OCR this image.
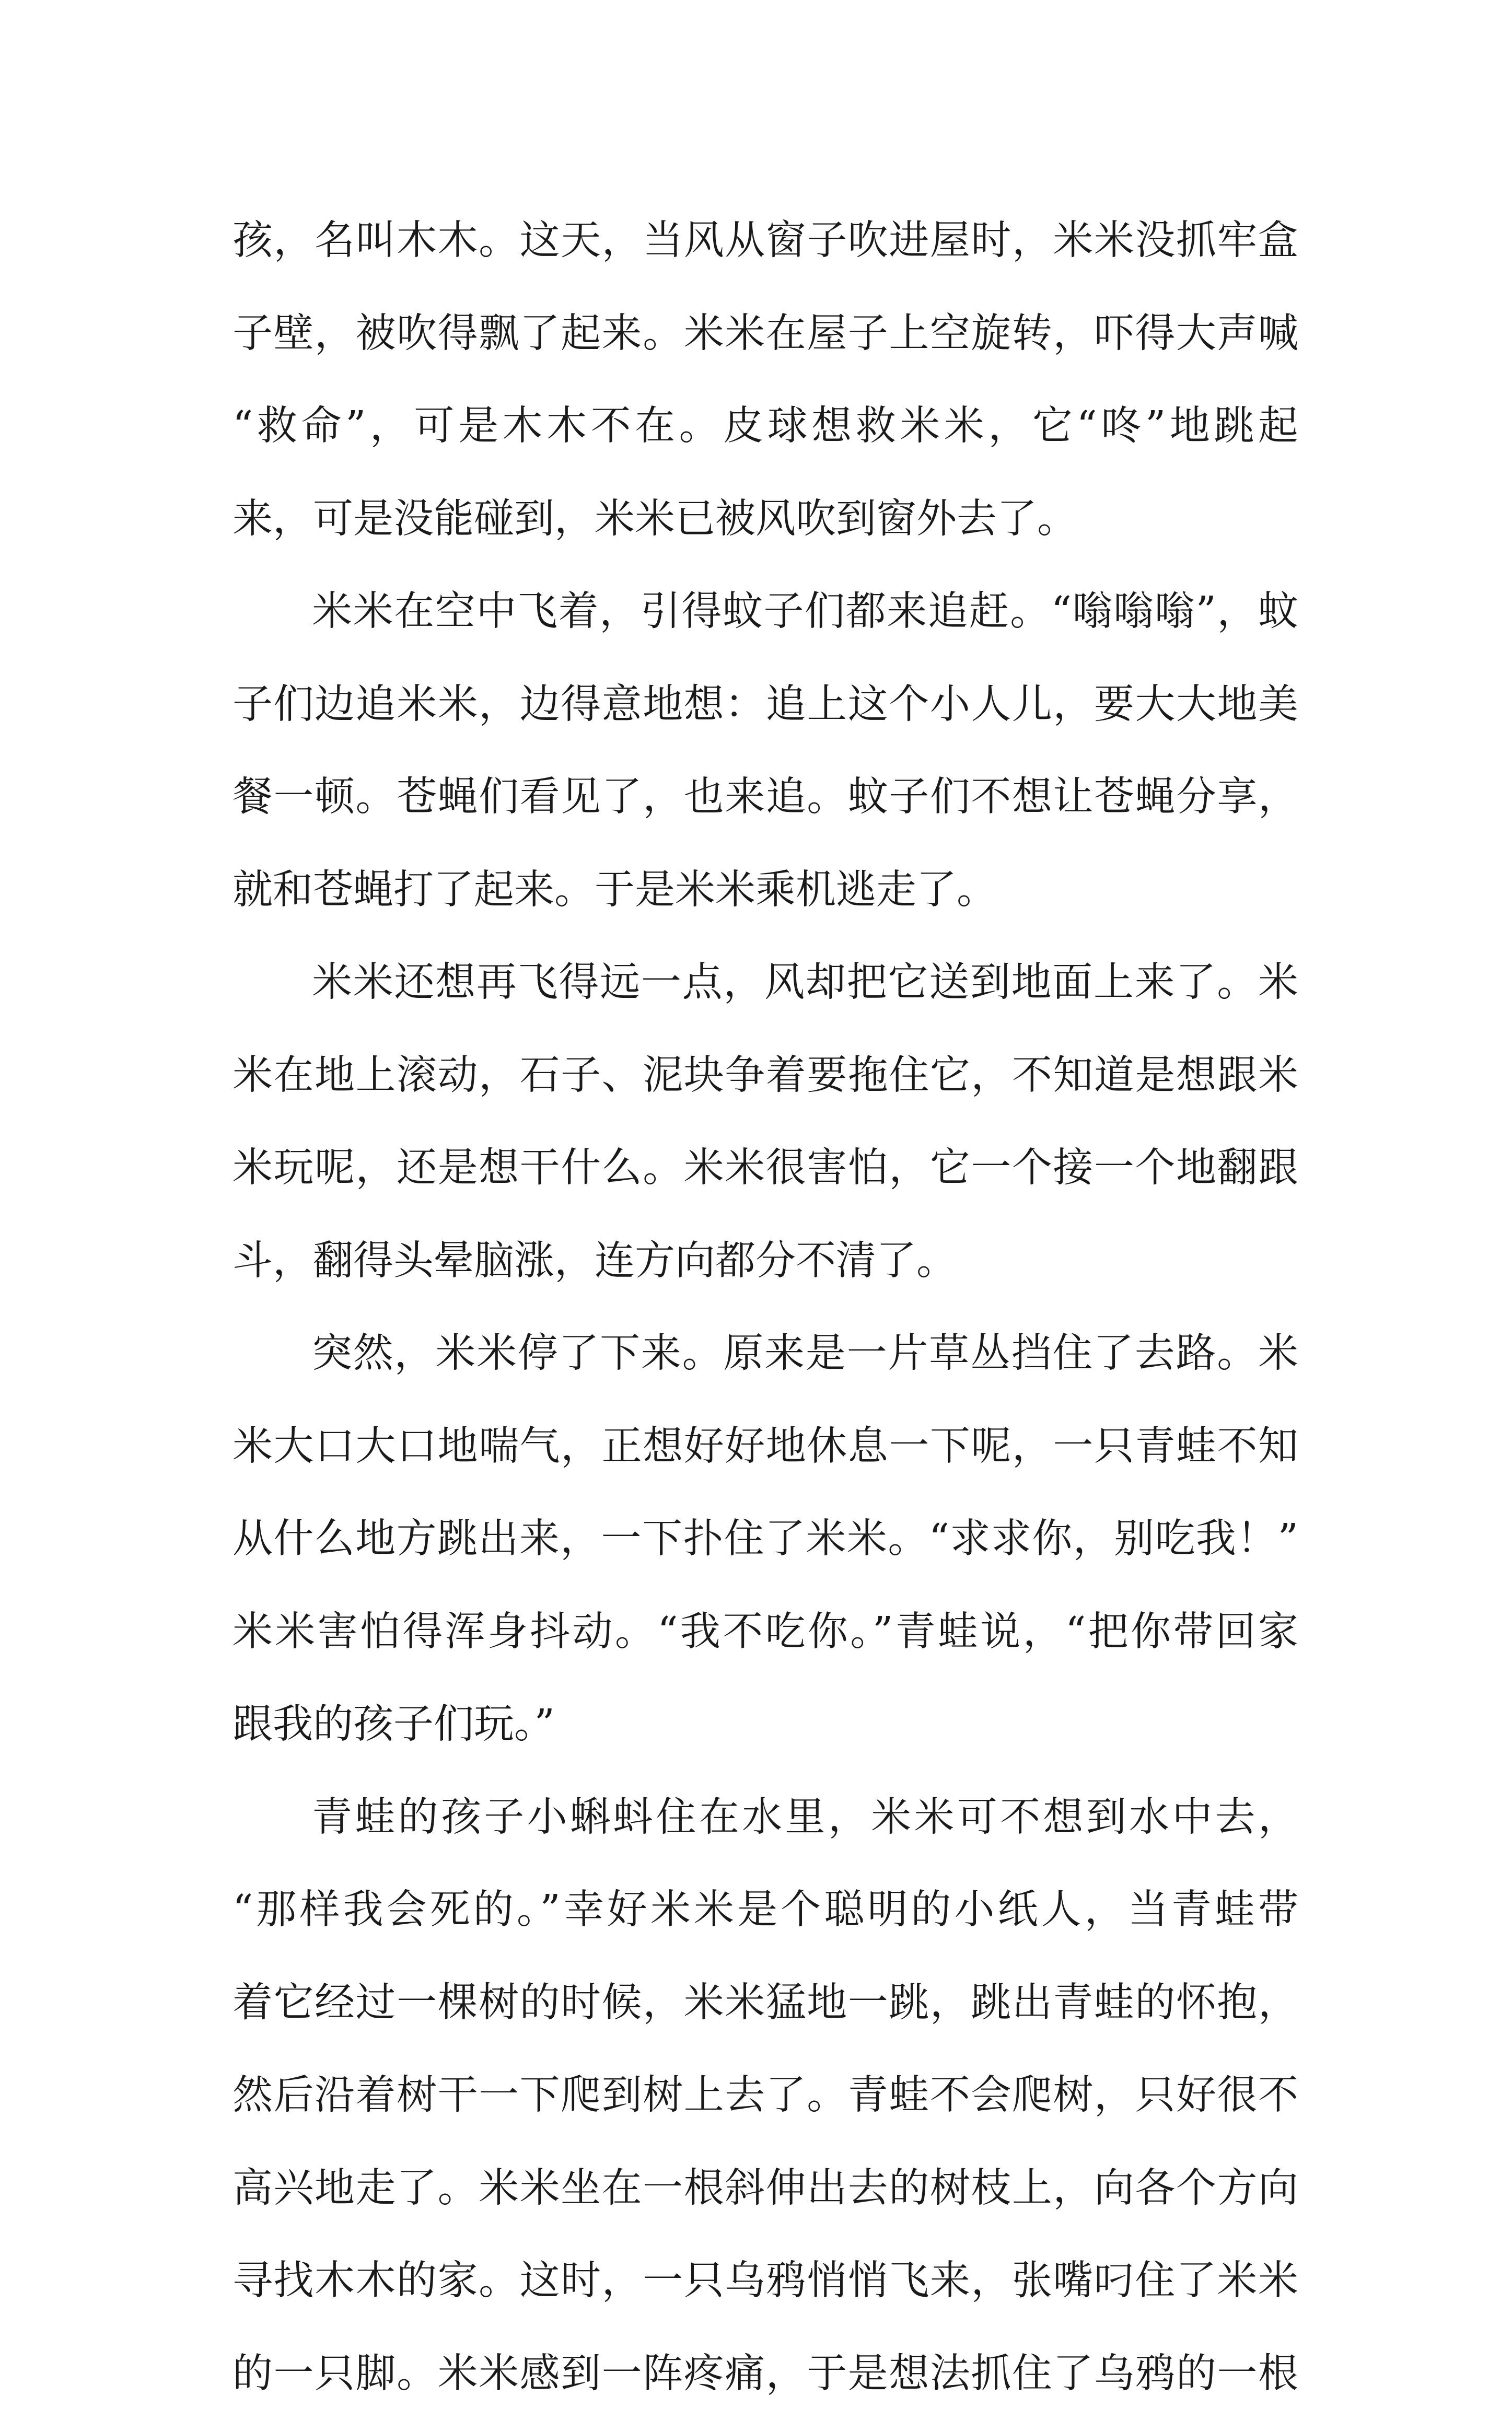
孩，名叫木木。这天，当风从窗子吹进屋时，米米没抓牢盒
子壁，被吹得飘了起来。米米在屋子上空旋转，吓得大声喊
“救命”，可是木木不在。皮球想救米米，它“咚”地跳起
来，可是没能碰到，米米已被风吹到窗外去了。
米米在空中飞着，引得蚊子们都来追赶。“嗡嗡嗡”，蚊
子们边追米米，边得意地想：追上这个小人儿，要大大地美
餐一顿。苍蝇们看见了，也来追。蚊子们不想让苍蝇分享，
就和苍蝇打了起来。于是米米乘机逃走了。
米米还想再飞得远一点，风却把它送到地面上来了。米
米在地上滚动，石子、泥块争着要拖住它，不知道是想跟米
米玩呢，还是想干什么。米米很害怕，它一个接一个地翻跟
斗，翻得头晕脑涨，连方向都分不清了。
突然，米米停了下来。原来是一片草丛挡住了去路。米
米大口大口地喘气，正想好好地休息一下呢，一只青蛙不知
从什么地方跳出来，一下扑住了米米。“求求你，别吃我！”
米米害怕得浑身抖动。“我不吃你。”青蛙说，“把你带回家
跟我的孩子们玩。”
青蛙的孩子小蝌蚪住在水里，米米可不想到水中去，
“那样我会死的。”幸好米米是个聪明的小纸人，当青蛙带
着它经过一棵树的时候，米米猛地一跳，跳出青蛙的怀抱，
然后沿着树干一下爬到树上去了。青蛙不会爬树，只好很不
高兴地走了。米米坐在一根斜伸出去的树枝上，向各个方向
寻找木木的家。这时，一只乌鸦悄悄飞来，张嘴叼住了米米
的一只脚。米米感到一阵疼痛，于是想法抓住了乌鸦的一根
